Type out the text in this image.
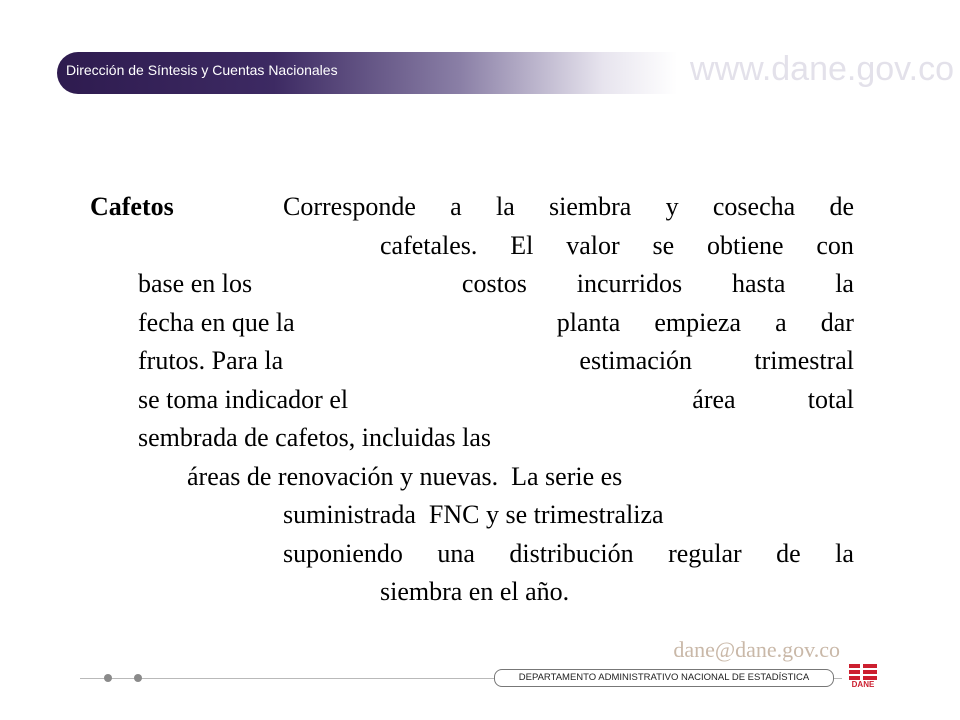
Dirección de Síntesis y Cuentas Nacionales	www.dane.gov.co
Cafetos	Corresponde a la siembra y cosecha de
cafetales. El valor se obtiene con
base en los	costos incurridos hasta la
fecha en que la	planta empieza a dar
frutos. Para la	estimación trimestral
se toma indicador el	área	total
sembrada de cafetos, incluidas las
áreas de renovación y nuevas.  La serie es
suministrada  FNC y se trimestraliza
suponiendo una distribución regular de la
siembra en el año.
dane@dane.gov.co
DEPARTAMENTO ADMINISTRATIVO NACIONAL DE ESTADÍSTICA
DANE
